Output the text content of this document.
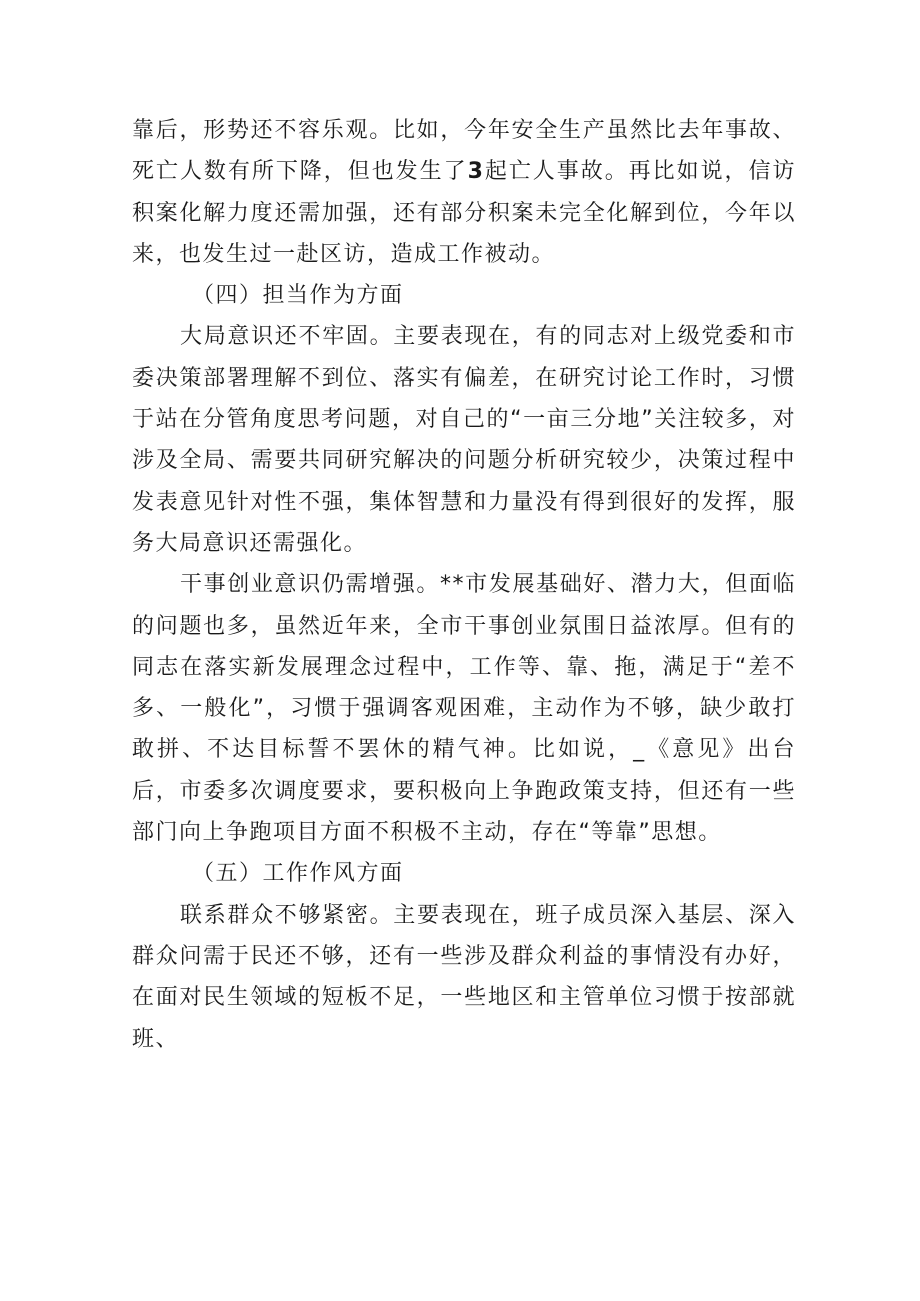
靠后，形势还不容乐观。比如，今年安全生产虽然比去年事故、死亡人数有所下降，但也发生了3起亡人事故。再比如说，信访积案化解力度还需加强，还有部分积案未完全化解到位，今年以来，也发生过一赴区访，造成工作被动。

（四）担当作为方面

大局意识还不牢固。主要表现在，有的同志对上级党委和市委决策部署理解不到位、落实有偏差，在研究讨论工作时，习惯于站在分管角度思考问题，对自己的“一亩三分地”关注较多，对涉及全局、需要共同研究解决的问题分析研究较少，决策过程中发表意见针对性不强，集体智慧和力量没有得到很好的发挥，服务大局意识还需强化。

干事创业意识仍需增强。**市发展基础好、潜力大，但面临的问题也多，虽然近年来，全市干事创业氛围日益浓厚。但有的同志在落实新发展理念过程中，工作等、靠、拖，满足于“差不多、一般化”，习惯于强调客观困难，主动作为不够，缺少敢打敢拼、不达目标誓不罢休的精气神。比如说，_《意见》出台后，市委多次调度要求，要积极向上争跑政策支持，但还有一些部门向上争跑项目方面不积极不主动，存在“等靠”思想。

（五）工作作风方面

联系群众不够紧密。主要表现在，班子成员深入基层、深入群众问需于民还不够，还有一些涉及群众利益的事情没有办好，在面对民生领域的短板不足，一些地区和主管单位习惯于按部就班、
